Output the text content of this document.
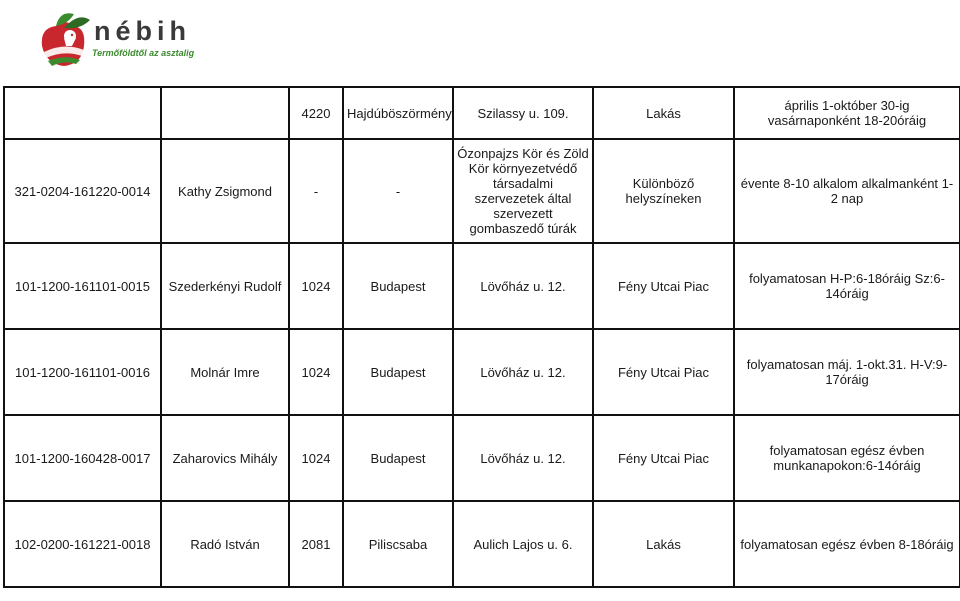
nébih
Termőföldtől az asztalig
Nyilvántartott gombaszakellenőrök
2013. július
		4220	Hajdúböszörmény	Szilassy u. 109.	Lakás	április 1-október 30-ig vasárnaponként 18-20óráig
321-0204-161220-0014	Kathy Zsigmond	-	-	Ózonpajzs Kör és Zöld Kör környezetvédő társadalmi szervezetek által szervezett gombaszedő túrák	Különböző helyszíneken	évente 8-10 alkalom alkalmanként 1-2 nap
101-1200-161101-0015	Szederkényi Rudolf	1024	Budapest	Lövőház u. 12.	Fény Utcai Piac	folyamatosan H-P:6-18óráig Sz:6-14óráig
101-1200-161101-0016	Molnár Imre	1024	Budapest	Lövőház u. 12.	Fény Utcai Piac	folyamatosan máj. 1-okt.31. H-V:9-17óráig
101-1200-160428-0017	Zaharovics Mihály	1024	Budapest	Lövőház u. 12.	Fény Utcai Piac	folyamatosan egész évben munkanapokon:6-14óráig
102-0200-161221-0018	Radó István	2081	Piliscsaba	Aulich Lajos u. 6.	Lakás	folyamatosan egész évben 8-18óráig
